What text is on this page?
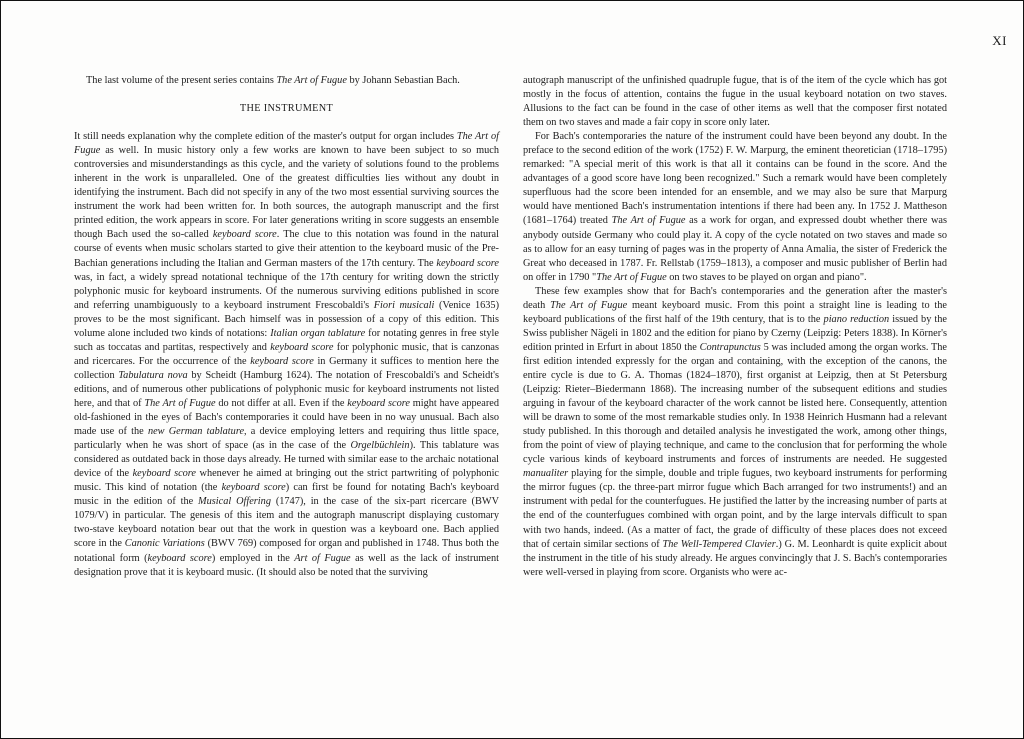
XI

The last volume of the present series contains The Art of Fugue by Johann Sebastian Bach.

THE INSTRUMENT

It still needs explanation why the complete edition of the master's output for organ includes The Art of Fugue as well. In music history only a few works are known to have been subject to so much controversies and misunderstandings as this cycle, and the variety of solutions found to the problems inherent in the work is unparalleled. One of the greatest difficulties lies without any doubt in identifying the instrument. Bach did not specify in any of the two most essential surviving sources the instrument the work had been written for. In both sources, the autograph manuscript and the first printed edition, the work appears in score. For later generations writing in score suggests an ensemble though Bach used the so-called keyboard score. The clue to this notation was found in the natural course of events when music scholars started to give their attention to the keyboard music of the Pre-Bachian generations including the Italian and German masters of the 17th century. The keyboard score was, in fact, a widely spread notational technique of the 17th century for writing down the strictly polyphonic music for keyboard instruments. Of the numerous surviving editions published in score and referring unambiguously to a keyboard instrument Frescobaldi's Fiori musicali (Venice 1635) proves to be the most significant. Bach himself was in possession of a copy of this edition. This volume alone included two kinds of notations: Italian organ tablature for notating genres in free style such as toccatas and partitas, respectively and keyboard score for polyphonic music, that is canzonas and ricercares. For the occurrence of the keyboard score in Germany it suffices to mention here the collection Tabulatura nova by Scheidt (Hamburg 1624). The notation of Frescobaldi's and Scheidt's editions, and of numerous other publications of polyphonic music for keyboard instruments not listed here, and that of The Art of Fugue do not differ at all. Even if the keyboard score might have appeared old-fashioned in the eyes of Bach's contemporaries it could have been in no way unusual. Bach also made use of the new German tablature, a device employing letters and requiring thus little space, particularly when he was short of space (as in the case of the Orgelbüchlein). This tablature was considered as outdated back in those days already. He turned with similar ease to the archaic notational device of the keyboard score whenever he aimed at bringing out the strict partwriting of polyphonic music. This kind of notation (the keyboard score) can first be found for notating Bach's keyboard music in the edition of the Musical Offering (1747), in the case of the six-part ricercare (BWV 1079/V) in particular. The genesis of this item and the autograph manuscript displaying customary two-stave keyboard notation bear out that the work in question was a keyboard one. Bach applied score in the Canonic Variations (BWV 769) composed for organ and published in 1748. Thus both the notational form (keyboard score) employed in the Art of Fugue as well as the lack of instrument designation prove that it is keyboard music. (It should also be noted that the surviving

autograph manuscript of the unfinished quadruple fugue, that is of the item of the cycle which has got mostly in the focus of attention, contains the fugue in the usual keyboard notation on two staves. Allusions to the fact can be found in the case of other items as well that the composer first notated them on two staves and made a fair copy in score only later.

For Bach's contemporaries the nature of the instrument could have been beyond any doubt. In the preface to the second edition of the work (1752) F. W. Marpurg, the eminent theoretician (1718–1795) remarked: "A special merit of this work is that all it contains can be found in the score. And the advantages of a good score have long been recognized." Such a remark would have been completely superfluous had the score been intended for an ensemble, and we may also be sure that Marpurg would have mentioned Bach's instrumentation intentions if there had been any. In 1752 J. Mattheson (1681–1764) treated The Art of Fugue as a work for organ, and expressed doubt whether there was anybody outside Germany who could play it. A copy of the cycle notated on two staves and made so as to allow for an easy turning of pages was in the property of Anna Amalia, the sister of Frederick the Great who deceased in 1787. Fr. Rellstab (1759–1813), a composer and music publisher of Berlin had on offer in 1790 "The Art of Fugue on two staves to be played on organ and piano".

These few examples show that for Bach's contemporaries and the generation after the master's death The Art of Fugue meant keyboard music. From this point a straight line is leading to the keyboard publications of the first half of the 19th century, that is to the piano reduction issued by the Swiss publisher Nägeli in 1802 and the edition for piano by Czerny (Leipzig: Peters 1838). In Körner's edition printed in Erfurt in about 1850 the Contrapunctus 5 was included among the organ works. The first edition intended expressly for the organ and containing, with the exception of the canons, the entire cycle is due to G. A. Thomas (1824–1870), first organist at Leipzig, then at St Petersburg (Leipzig: Rieter–Biedermann 1868). The increasing number of the subsequent editions and studies arguing in favour of the keyboard character of the work cannot be listed here. Consequently, attention will be drawn to some of the most remarkable studies only. In 1938 Heinrich Husmann had a relevant study published. In this thorough and detailed analysis he investigated the work, among other things, from the point of view of playing technique, and came to the conclusion that for performing the whole cycle various kinds of keyboard instruments and forces of instruments are needed. He suggested manualiter playing for the simple, double and triple fugues, two keyboard instruments for performing the mirror fugues (cp. the three-part mirror fugue which Bach arranged for two instruments!) and an instrument with pedal for the counterfugues. He justified the latter by the increasing number of parts at the end of the counterfugues combined with organ point, and by the large intervals difficult to span with two hands, indeed. (As a matter of fact, the grade of difficulty of these places does not exceed that of certain similar sections of The Well-Tempered Clavier.) G. M. Leonhardt is quite explicit about the instrument in the title of his study already. He argues convincingly that J. S. Bach's contemporaries were well-versed in playing from score. Organists who were ac-
